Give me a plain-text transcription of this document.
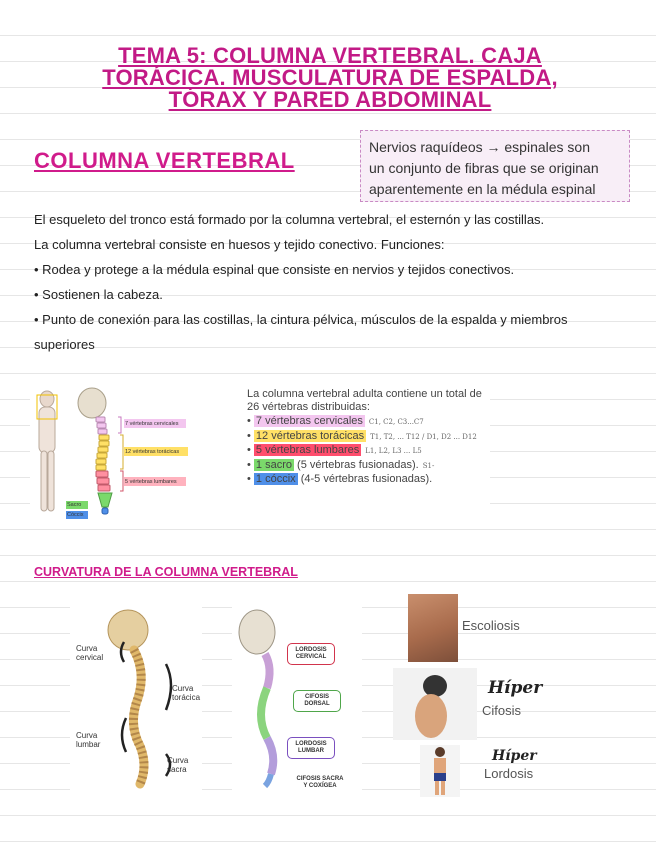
TEMA 5: COLUMNA VERTEBRAL. CAJA
TORÁCICA. MUSCULATURA DE ESPALDA,
TÓRAX Y PARED ABDOMINAL
COLUMNA VERTEBRAL
Nervios raquídeos → espinales son
un conjunto de fibras que se originan
aparentemente en la médula espinal
El esqueleto del tronco está formado por la columna vertebral, el esternón y las costillas.
La columna vertebral consiste en huesos y tejido conectivo. Funciones:
• Rodea y protege a la médula espinal que consiste en nervios y tejidos conectivos.
• Sostienen la cabeza.
• Punto de conexión para las costillas, la cintura pélvica, músculos de la espalda y miembros
superiores
7 vértebras cervicales
12 vértebras torácicas
5 vértebras lumbares
Sacro
Cóccix
La columna vertebral adulta contiene un total de
26 vértebras distribuidas:
• 7 vértebras cervicales C1, C2, C3...C7
• 12 vértebras torácicas T1, T2, ... T12 / D1, D2 ... D12
• 5 vértebras lumbares L1, L2, L3 ... L5
• 1 sacro (5 vértebras fusionadas). S1-
• 1 cóccix (4-5 vértebras fusionadas).
CURVATURA DE LA COLUMNA VERTEBRAL
Curva
cervical
Curva
torácica
Curva
lumbar
Curva
sacra
LORDOSIS
CERVICAL
CIFOSIS
DORSAL
LORDOSIS
LUMBAR
CIFOSIS SACRA
Y COXÍGEA
Escoliosis
Híper
Cifosis
Híper
Lordosis
